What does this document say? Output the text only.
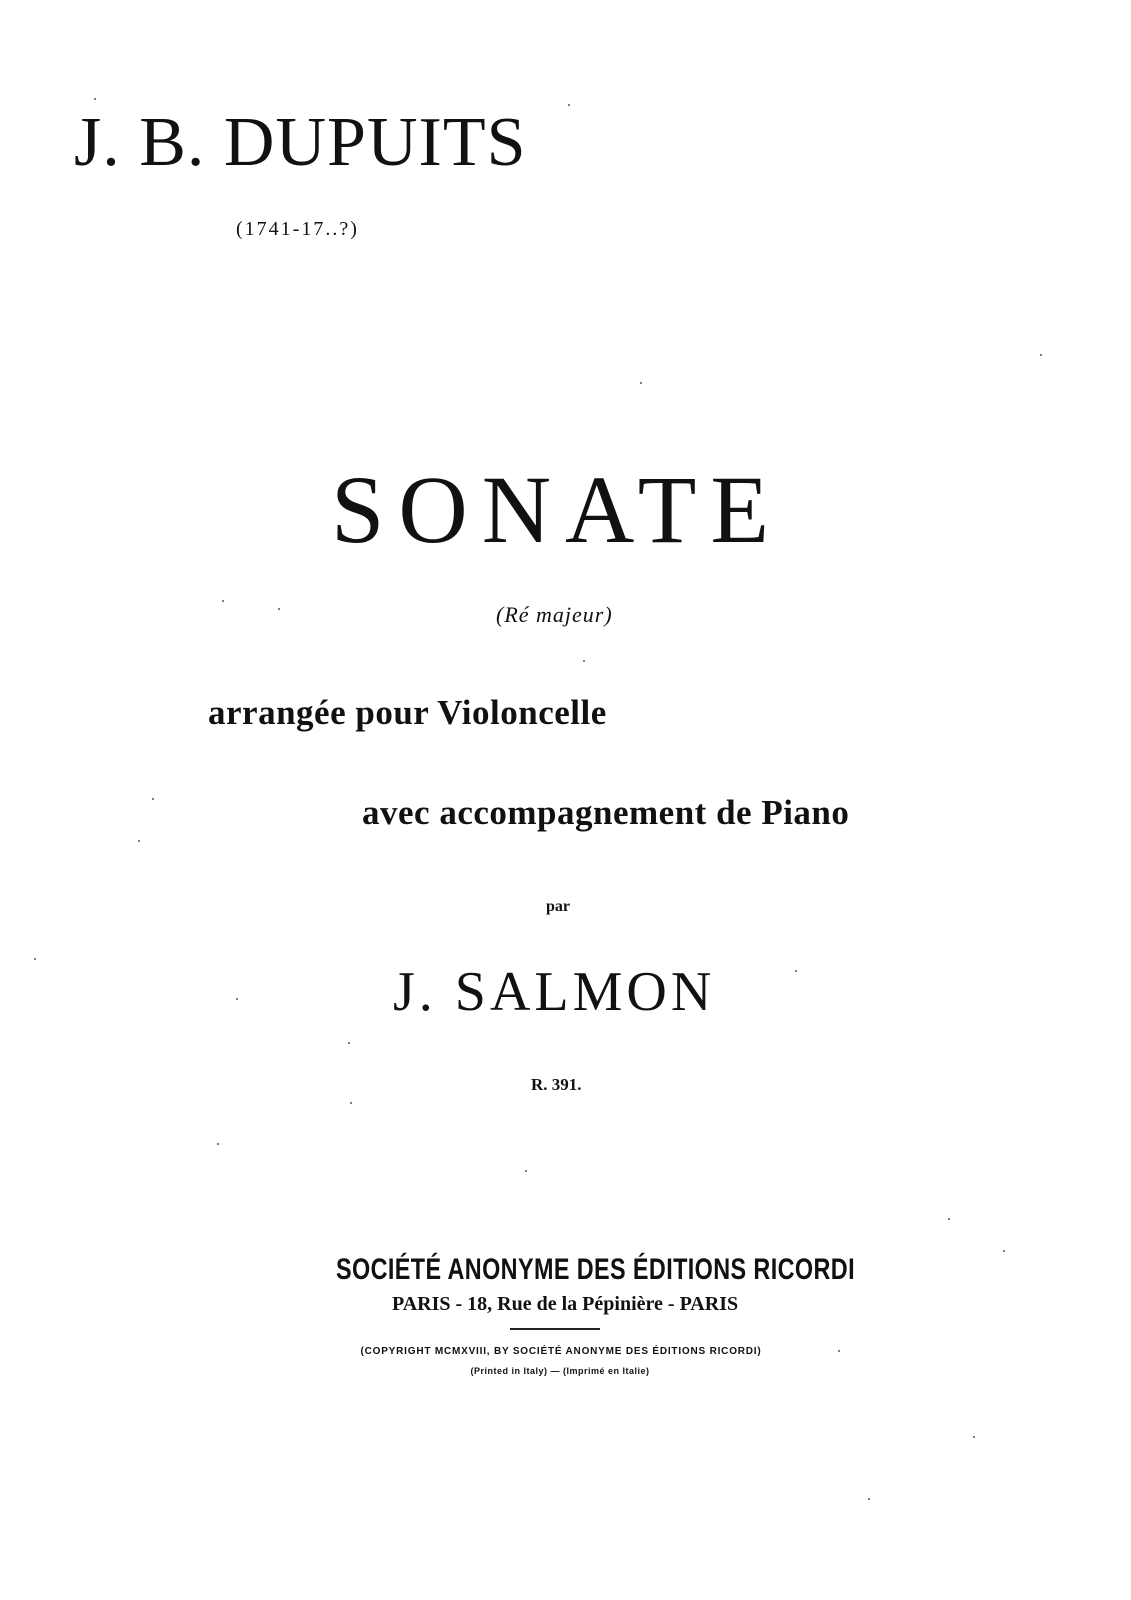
J. B. DUPUITS
(1741-17..?)
SONATE
(Ré majeur)
arrangée pour Violoncelle
avec accompagnement de Piano
par
J. SALMON
R. 391.
SOCIÉTÉ ANONYME DES ÉDITIONS RICORDI
PARIS - 18, Rue de la Pépinière - PARIS
(COPYRIGHT MCMXVIII, BY SOCIÉTÉ ANONYME DES ÉDITIONS RICORDI)
(Printed in Italy) — (Imprimé en Italie)
